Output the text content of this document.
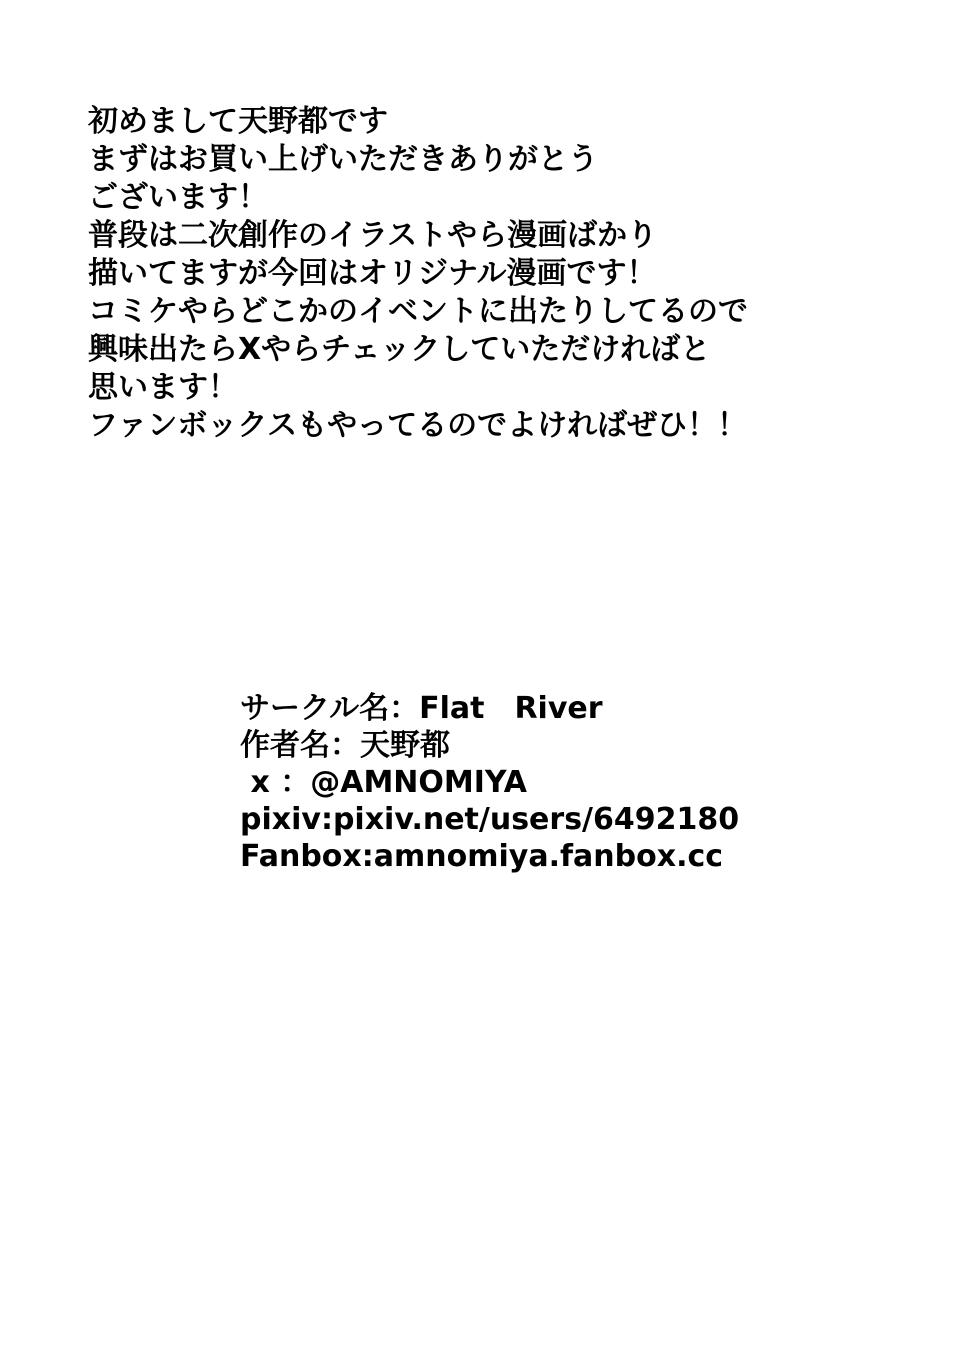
初めまして天野都です
まずはお買い上げいただきありがとう
ございます！
普段は二次創作のイラストやら漫画ばかり
描いてますが今回はオリジナル漫画です！
コミケやらどこかのイベントに出たりしてるので
興味出たらXやらチェックしていただければと
思います！
ファンボックスもやってるのでよければぜひ！！
サークル名：Flat　River
作者名：天野都
x ：@AMNOMIYA
pixiv:pixiv.net/users/6492180
Fanbox:amnomiya.fanbox.cc
